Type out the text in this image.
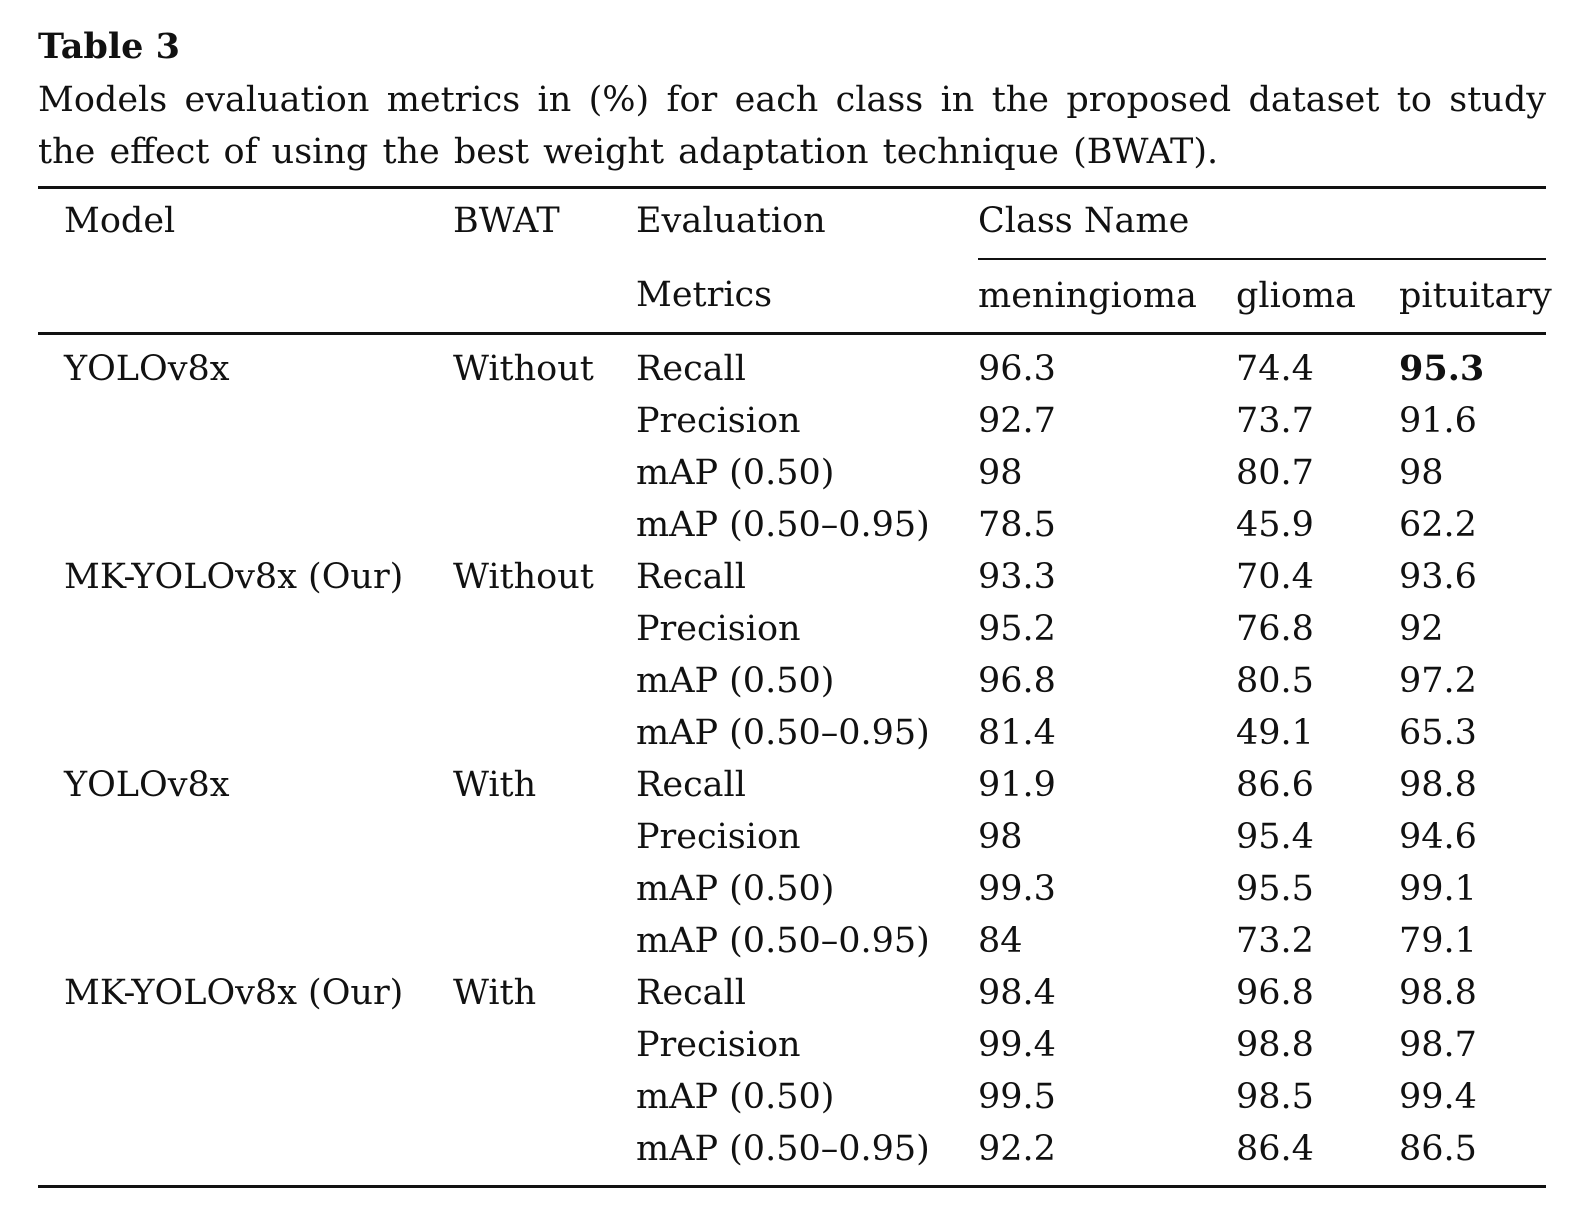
Table 3

Models evaluation metrics in (%) for each class in the proposed dataset to study the effect of using the best weight adaptation technique (BWAT).

Model	BWAT	Evaluation	Class Name		
		Metrics	meningioma	glioma	pituitary
YOLOv8x	Without	Recall	96.3	74.4	95.3
		Precision	92.7	73.7	91.6
		mAP (0.50)	98	80.7	98
		mAP (0.50–0.95)	78.5	45.9	62.2
MK-YOLOv8x (Our)	Without	Recall	93.3	70.4	93.6
		Precision	95.2	76.8	92
		mAP (0.50)	96.8	80.5	97.2
		mAP (0.50–0.95)	81.4	49.1	65.3
YOLOv8x	With	Recall	91.9	86.6	98.8
		Precision	98	95.4	94.6
		mAP (0.50)	99.3	95.5	99.1
		mAP (0.50–0.95)	84	73.2	79.1
MK-YOLOv8x (Our)	With	Recall	98.4	96.8	98.8
		Precision	99.4	98.8	98.7
		mAP (0.50)	99.5	98.5	99.4
		mAP (0.50–0.95)	92.2	86.4	86.5
